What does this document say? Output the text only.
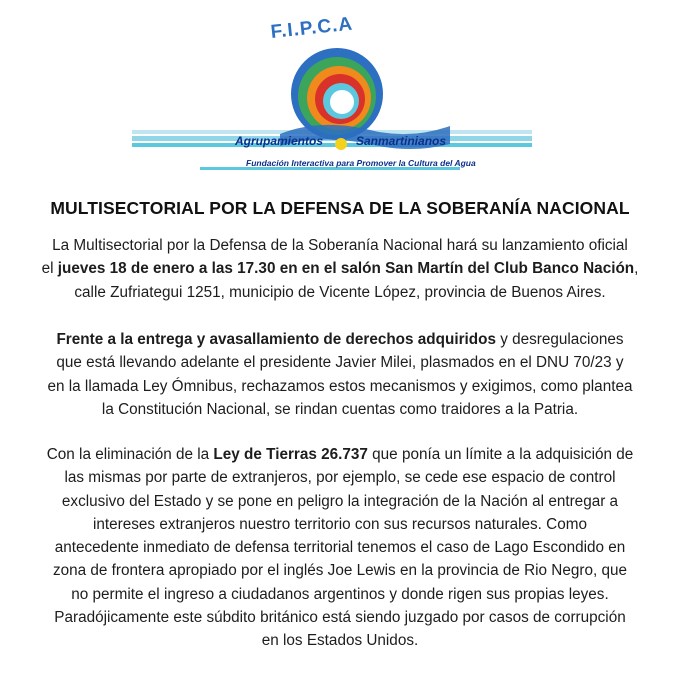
F.I.P.C.A
Agrupamientos	Sanmartinianos
Fundación Interactiva para Promover la Cultura del Agua
MULTISECTORIAL POR LA DEFENSA DE LA SOBERANÍA NACIONAL
La Multisectorial por la Defensa de la Soberanía Nacional hará su lanzamiento oficial
el jueves 18 de enero a las 17.30 en en el salón San Martín del Club Banco Nación,
calle Zufriategui 1251, municipio de Vicente López, provincia de Buenos Aires.
Frente a la entrega y avasallamiento de derechos adquiridos y desregulaciones
que está llevando adelante el presidente Javier Milei, plasmados en el DNU 70/23 y
en la llamada Ley Ómnibus, rechazamos estos mecanismos y exigimos, como plantea
la Constitución Nacional, se rindan cuentas como traidores a la Patria.
Con la eliminación de la Ley de Tierras 26.737 que ponía un límite a la adquisición de
las mismas por parte de extranjeros, por ejemplo, se cede ese espacio de control
exclusivo del Estado y se pone en peligro la integración de la Nación al entregar a
intereses extranjeros nuestro territorio con sus recursos naturales. Como
antecedente inmediato de defensa territorial tenemos el caso de Lago Escondido en
zona de frontera apropiado por el inglés Joe Lewis en la provincia de Rio Negro, que
no permite el ingreso a ciudadanos argentinos y donde rigen sus propias leyes.
Paradójicamente este súbdito británico está siendo juzgado por casos de corrupción
en los Estados Unidos.
